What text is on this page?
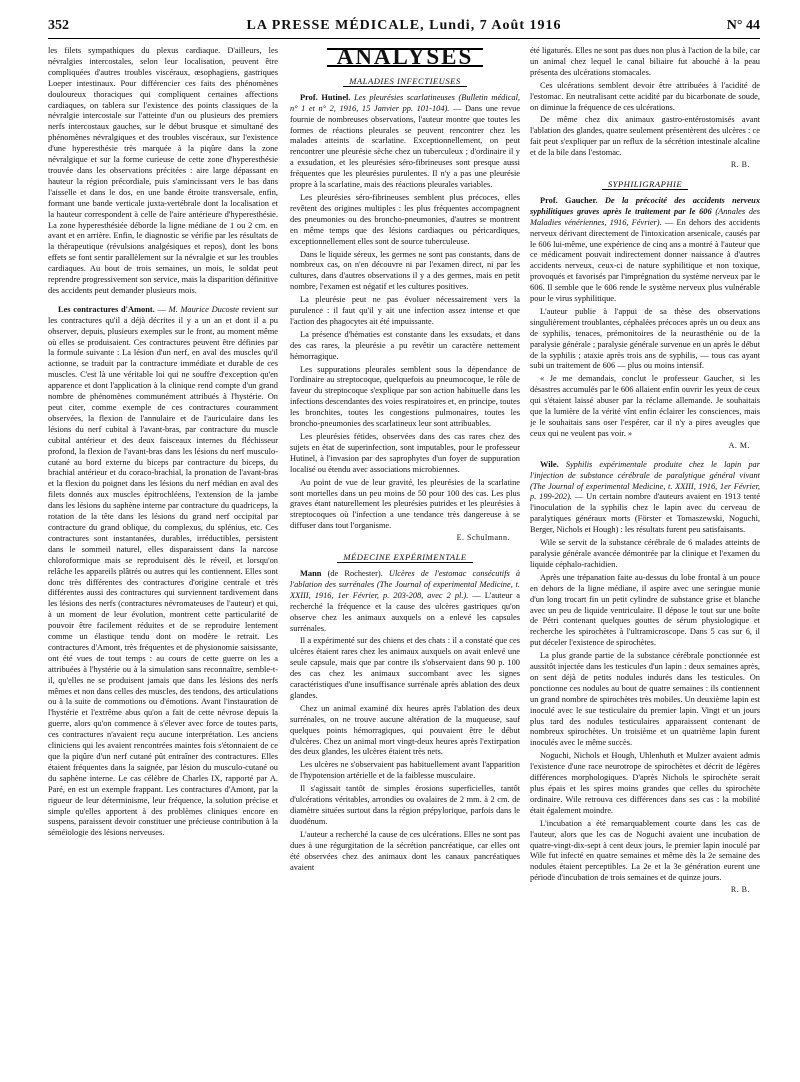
352	LA PRESSE MÉDICALE, Lundi, 7 Août 1916	N° 44

les filets sympathiques du plexus cardiaque. D'ailleurs, les névralgies intercostales, selon leur localisation, peuvent être compliquées d'autres troubles viscéraux, œsophagiens, gastriques Loeper intestinaux. Pour différencier ces faits des phénomènes douloureux thoraciques qui compliquent certaines affections cardiaques, on tablera sur l'existence des points classiques de la névralgie intercostale sur l'atteinte d'un ou plusieurs des premiers nerfs intercostaux gauches, sur le début brusque et simultané des phénomènes névralgiques et des troubles viscéraux, sur l'existence d'une hyperesthésie très marquée à la piqûre dans la zone névralgique et sur la forme curieuse de cette zone d'hyperesthésie trouvée dans les observations précitées : aire large dépassant en hauteur la région précordiale, puis s'amincissant vers le bas dans l'aisselle et dans le dos, en une bande étroite transversale, enfin, formant une bande verticale juxta-vertébrale dont la localisation et la hauteur correspondent à celle de l'aire antérieure d'hyperesthésie. La zone hyperesthésiée déborde la ligne médiane de 1 ou 2 cm. en avant et en arrière. Enfin, le diagnostic se vérifie par les résultats de la thérapeutique (révulsions analgésiques et repos), dont les bons effets se font sentir parallèlement sur la névralgie et sur les troubles cardiaques. Au bout de trois semaines, un mois, le soldat peut reprendre progressivement son service, mais la disparition définitive des accidents peut demander plusieurs mois.

Les contractures d'Amont. — M. Maurice Ducoste revient sur les contractures qu'il a déjà décrites il y a un an et dont il a pu observer, depuis, plusieurs exemples sur le front, au moment même où elles se produisaient. Ces contractures peuvent être définies par la formule suivante : La lésion d'un nerf, en aval des muscles qu'il actionne, se traduit par la contracture immédiate et durable de ces muscles. C'est là une véritable loi qui ne souffre d'exception qu'en apparence et dont l'application à la clinique rend compte d'un grand nombre de phénomènes communément attribués à l'hystérie. On peut citer, comme exemple de ces contractures couramment observées, la flexion de l'annulaire et de l'auriculaire dans les lésions du nerf cubital à l'avant-bras, par contracture du muscle cubital antérieur et des deux faisceaux internes du fléchisseur profond, la flexion de l'avant-bras dans les lésions du nerf musculo-cutané au bord externe du biceps par contracture du biceps, du brachial antérieur et du coraco-brachial, la pronation de l'avant-bras et la flexion du poignet dans les lésions du nerf médian en aval des filets donnés aux muscles épitrochléens, l'extension de la jambe dans les lésions du saphène interne par contracture du quadriceps, la rotation de la tête dans les lésions du grand nerf occipital par contracture du grand oblique, du complexus, du splénius, etc. Ces contractures sont instantanées, durables, irréductibles, persistent dans le sommeil naturel, elles disparaissent dans la narcose chloroformique mais se reproduisent dès le réveil, et lorsqu'on relâche les appareils plâtrés ou autres qui les contiennent. Elles sont donc très différentes des contractures d'origine centrale et très différentes aussi des contractures qui surviennent tardivement dans les lésions des nerfs (contractures névromateuses de l'auteur) et qui, à un moment de leur évolution, montrent cette particularité de pouvoir être facilement réduites et de se reproduire lentement comme un élastique tendu dont on modère le retrait. Les contractures d'Amont, très fréquentes et de physionomie saisissante, ont été vues de tout temps : au cours de cette guerre on les a attribuées à l'hystérie ou à la simulation sans reconnaître, semble-t-il, qu'elles ne se produisent jamais que dans les lésions des nerfs mêmes et non dans celles des muscles, des tendons, des articulations ou à la suite de commotions ou d'émotions. Avant l'instauration de l'hystérie et l'extrême abus qu'on a fait de cette névrose depuis la guerre, alors qu'on commence à s'élever avec force de toutes parts, ces contractures n'avaient reçu aucune interprétation. Les anciens cliniciens qui les avaient rencontrées maintes fois s'étonnaient de ce que la piqûre d'un nerf cutané pût entraîner des contractures. Elles étaient fréquentes dans la saignée, par lésion du musculo-cutané ou du saphène interne. Le cas célèbre de Charles IX, rapporté par A. Paré, en est un exemple frappant. Les contractures d'Amont, par la rigueur de leur déterminisme, leur fréquence, la solution précise et simple qu'elles apportent à des problèmes cliniques encore en suspens, paraissent devoir constituer une précieuse contribution à la séméiologie des lésions nerveuses.

ANALYSES
MALADIES INFECTIEUSES

Prof. Hutinel. Les pleurésies scarlatineuses (Bulletin médical, n° 1 et n° 2, 1916, 15 Janvier pp. 101-104). — Dans une revue fournie de nombreuses observations, l'auteur montre que toutes les formes de réactions pleurales se peuvent rencontrer chez les malades atteints de scarlatine. Exceptionnellement, on peut rencontrer une pleurésie sèche chez un tuberculeux ; d'ordinaire il y a exsudation, et les pleurésies séro-fibrineuses sont presque aussi fréquentes que les pleurésies purulentes. Il n'y a pas une pleurésie propre à la scarlatine, mais des réactions pleurales variables.

Les pleurésies séro-fibrineuses semblent plus précoces, elles revêtent des origines multiples : les plus fréquentes accompagnent des pneumonies ou des broncho-pneumonies, d'autres se montrent en même temps que des lésions cardiaques ou péricardiques, exceptionnellement elles sont de source tuberculeuse.

Dans le liquide séreux, les germes ne sont pas constants, dans de nombreux cas, on n'en découvre ni par l'examen direct, ni par les cultures, dans d'autres observations il y a des germes, mais en petit nombre, l'examen est négatif et les cultures positives.

La pleurésie peut ne pas évoluer nécessairement vers la purulence : il faut qu'il y ait une infection assez intense et que l'action des phagocytes ait été impuissante.

La présence d'hématies est constante dans les exsudats, et dans des cas rares, la pleurésie a pu revêtir un caractère nettement hémorragique.

Les suppurations pleurales semblent sous la dépendance de l'ordinaire au streptocoque, quelquefois au pneumocoque, le rôle de faveur du streptocoque s'explique par son action habituelle dans les infections descendantes des voies respiratoires et, en principe, toutes les bronchites, toutes les congestions pulmonaires, toutes les broncho-pneumonies des scarlatineux leur sont attribuables.

Les pleurésies fétides, observées dans des cas rares chez des sujets en état de superinfection, sont imputables, pour le professeur Hutinel, à l'invasion par des saprophytes d'un foyer de suppuration localisé ou étendu avec associations microbiennes.

Au point de vue de leur gravité, les pleurésies de la scarlatine sont mortelles dans un peu moins de 50 pour 100 des cas. Les plus graves étant naturellement les pleurésies putrides et les pleurésies à streptocoques où l'infection a une tendance très dangereuse à se diffuser dans tout l'organisme.

E. Schulmann.
MÉDECINE EXPÉRIMENTALE

Mann (de Rochester). Ulcères de l'estomac consécutifs à l'ablation des surrénales (The Journal of experimental Medicine, t. XXIII, 1916, 1er Février, p. 203-208, avec 2 pl.). — L'auteur a recherché la fréquence et la cause des ulcères gastriques qu'on observe chez les animaux auxquels on a enlevé les capsules surrénales.

Il a expérimenté sur des chiens et des chats : il a constaté que ces ulcères étaient rares chez les animaux auxquels on avait enlevé une seule capsule, mais que par contre ils s'observaient dans 90 p. 100 des cas chez les animaux succombant avec les signes caractéristiques d'une insuffisance surrénale après ablation des deux glandes.

Chez un animal examiné dix heures après l'ablation des deux surrénales, on ne trouve aucune altération de la muqueuse, sauf quelques points hémorragiques, qui pouvaient être le début d'ulcères. Chez un animal mort vingt-deux heures après l'extirpation des deux glandes, les ulcères étaient très nets.

Les ulcères ne s'observaient pas habituellement avant l'apparition de l'hypotension artérielle et de la faiblesse musculaire.

Il s'agissait tantôt de simples érosions superficielles, tantôt d'ulcérations véritables, arrondies ou ovalaires de 2 mm. à 2 cm. de diamètre situées surtout dans la région prépylorique, parfois dans le duodénum.

L'auteur a recherché la cause de ces ulcérations. Elles ne sont pas dues à une régurgitation de la sécrétion pancréatique, car elles ont été observées chez des animaux dont les canaux pancréatiques avaient

été ligaturés. Elles ne sont pas dues non plus à l'action de la bile, car un animal chez lequel le canal biliaire fut abouché à la peau présenta des ulcérations stomacales.

Ces ulcérations semblent devoir être attribuées à l'acidité de l'estomac. En neutralisant cette acidité par du bicarbonate de soude, on diminue la fréquence de ces ulcérations.

De même chez dix animaux gastro-entérostomisés avant l'ablation des glandes, quatre seulement présentèrent des ulcères : ce fait peut s'expliquer par un reflux de la sécrétion intestinale alcaline et de la bile dans l'estomac.

R. B.
SYPHILIGRAPHIE

Prof. Gaucher. De la précocité des accidents nerveux syphilitiques graves après le traitement par le 606 (Annales des Maladies vénériennes, 1916, Février). — En dehors des accidents nerveux dérivant directement de l'intoxication arsenicale, causés par le 606 lui-même, une expérience de cinq ans a montré à l'auteur que ce médicament pouvait indirectement donner naissance à d'autres accidents nerveux, ceux-ci de nature syphilitique et non toxique, provoqués et favorisés par l'imprégnation du système nerveux par le 606. Il semble que le 606 rende le système nerveux plus vulnérable pour le virus syphilitique.

L'auteur publie à l'appui de sa thèse des observations singulièrement troublantes, céphalées précoces après un ou deux ans de syphilis, tenaces, prémonitoires de la neurasthénie ou de la paralysie générale ; paralysie générale survenue en un après le début de la syphilis ; ataxie après trois ans de syphilis, — tous cas ayant subi un traitement de 606 — plus ou moins intensif.

« Je me demandais, conclut le professeur Gaucher, si les désastres accumulés par le 606 allaient enfin ouvrir les yeux de ceux qui s'étaient laissé abuser par la réclame allemande. Je souhaitais que la lumière de la vérité vînt enfin éclairer les consciences, mais je le souhaitais sans oser l'espérer, car il n'y a pires aveugles que ceux qui ne veulent pas voir. »

A. M.

Wile. Syphilis expérimentale produite chez le lapin par l'injection de substance cérébrale de paralytique général vivant (The Journal of experimental Medicine, t. XXIII, 1916, 1er Février, p. 199-202). — Un certain nombre d'auteurs avaient en 1913 tenté l'inoculation de la syphilis chez le lapin avec du cerveau de paralytiques généraux morts (Förster et Tomaszewski, Noguchi, Berger, Nichols et Hough) : les résultats furent peu satisfaisants.

Wile se servit de la substance cérébrale de 6 malades atteints de paralysie générale avancée démontrée par la clinique et l'examen du liquide céphalo-rachidien.

Après une trépanation faite au-dessus du lobe frontal à un pouce en dehors de la ligne médiane, il aspire avec une seringue munie d'un long trocart fin un petit cylindre de substance grise et blanche avec un peu de liquide ventriculaire. Il dépose le tout sur une boîte de Pétri contenant quelques gouttes de sérum physiologique et recherche les spirochètes à l'ultramicroscope. Dans 5 cas sur 6, il put déceler l'existence de spirochètes.

La plus grande partie de la substance cérébrale ponctionnée est aussitôt injectée dans les testicules d'un lapin : deux semaines après, on sent déjà de petits nodules indurés dans les testicules. On ponctionne ces nodules au bout de quatre semaines : ils contiennent un grand nombre de spirochètes très mobiles. Un deuxième lapin est inoculé avec le sue testiculaire du premier lapin. Vingt et un jours plus tard des nodules testiculaires apparaissent contenant de nombreux spirochètes. Un troisième et un quatrième lapin furent inoculés avec le même succès.

Noguchi, Nichols et Hough, Uhlenhuth et Mulzer avaient admis l'existence d'une race neurotrope de spirochètes et décrit de légères différences morphologiques. D'après Nichols le spirochète serait plus épais et les spires moins grandes que celles du spirochète ordinaire. Wile retrouva ces différences dans ses cas : la mobilité était également moindre.

L'incubation a été remarquablement courte dans les cas de l'auteur, alors que les cas de Noguchi avaient une incubation de quatre-vingt-dix-sept à cent deux jours, le premier lapin inoculé par Wile fut infecté en quatre semaines et même dès la 2e semaine des nodules étaient perceptibles. La 2e et la 3e génération eurent une période d'incubation de trois semaines et de quinze jours.

R. B.
